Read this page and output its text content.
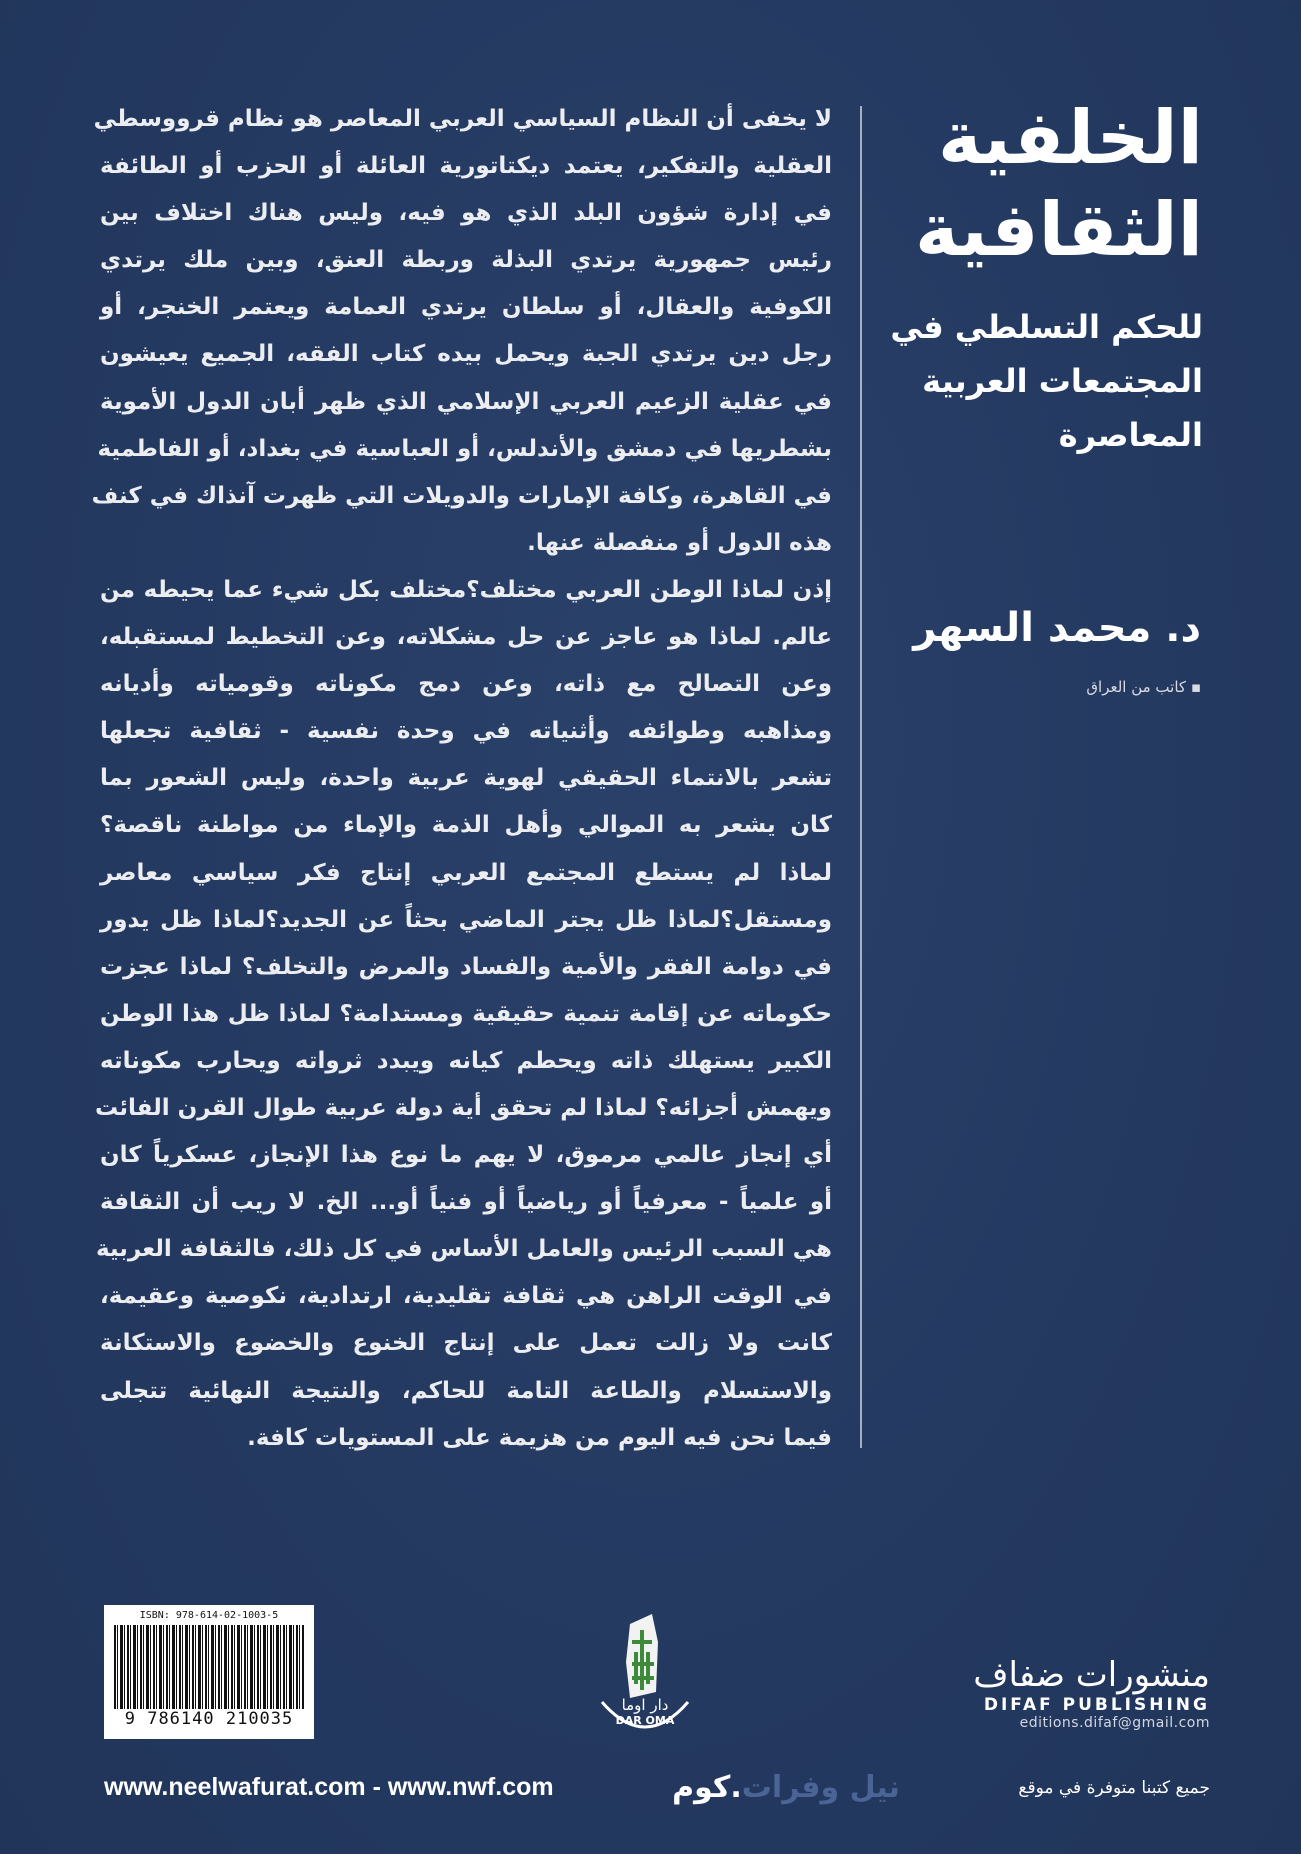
لا يخفى أن النظام السياسي العربي المعاصر هو نظام قرووسطي
العقلية والتفكير، يعتمد ديكتاتورية العائلة أو الحزب أو الطائفة
في إدارة شؤون البلد الذي هو فيه، وليس هناك اختلاف بين
رئيس جمهورية يرتدي البذلة وربطة العنق، وبين ملك يرتدي
الكوفية والعقال، أو سلطان يرتدي العمامة ويعتمر الخنجر، أو
رجل دين يرتدي الجبة ويحمل بيده كتاب الفقه، الجميع يعيشون
في عقلية الزعيم العربي الإسلامي الذي ظهر أبان الدول الأموية
بشطريها في دمشق والأندلس، أو العباسية في بغداد، أو الفاطمية
في القاهرة، وكافة الإمارات والدويلات التي ظهرت آنذاك في كنف
هذه الدول أو منفصلة عنها.
إذن لماذا الوطن العربي مختلف؟مختلف بكل شيء عما يحيطه من
عالم. لماذا هو عاجز عن حل مشكلاته، وعن التخطيط لمستقبله،
وعن التصالح مع ذاته، وعن دمج مكوناته وقومياته وأديانه
ومذاهبه وطوائفه وأثنياته في وحدة نفسية - ثقافية تجعلها
تشعر بالانتماء الحقيقي لهوية عربية واحدة، وليس الشعور بما
كان يشعر به الموالي وأهل الذمة والإماء من مواطنة ناقصة؟
لماذا لم يستطع المجتمع العربي إنتاج فكر سياسي معاصر
ومستقل؟لماذا ظل يجتر الماضي بحثاً عن الجديد؟لماذا ظل يدور
في دوامة الفقر والأمية والفساد والمرض والتخلف؟ لماذا عجزت
حكوماته عن إقامة تنمية حقيقية ومستدامة؟ لماذا ظل هذا الوطن
الكبير يستهلك ذاته ويحطم كيانه ويبدد ثرواته ويحارب مكوناته
ويهمش أجزائه؟ لماذا لم تحقق أية دولة عربية طوال القرن الفائت
أي إنجاز عالمي مرموق، لا يهم ما نوع هذا الإنجاز، عسكرياً كان
أو علمياً - معرفياً أو رياضياً أو فنياً أو... الخ. لا ريب أن الثقافة
هي السبب الرئيس والعامل الأساس في كل ذلك، فالثقافة العربية
في الوقت الراهن هي ثقافة تقليدية، ارتدادية، نكوصية وعقيمة،
كانت ولا زالت تعمل على إنتاج الخنوع والخضوع والاستكانة
والاستسلام والطاعة التامة للحاكم، والنتيجة النهائية تتجلى
فيما نحن فيه اليوم من هزيمة على المستويات كافة.
الخلفية
الثقافية
للحكم التسلطي في
المجتمعات العربية
المعاصرة
د. محمد السهر
▪ كاتب من العراق
ISBN: 978-614-02-1003-5
9 786140 210035
دار اوما
DAR OMA
منشورات ضفاف
DIFAF PUBLISHING
editions.difaf@gmail.com
www.neelwafurat.com - www.nwf.com	نيل وفرات.كوم	جميع كتبنا متوفرة في موقع
